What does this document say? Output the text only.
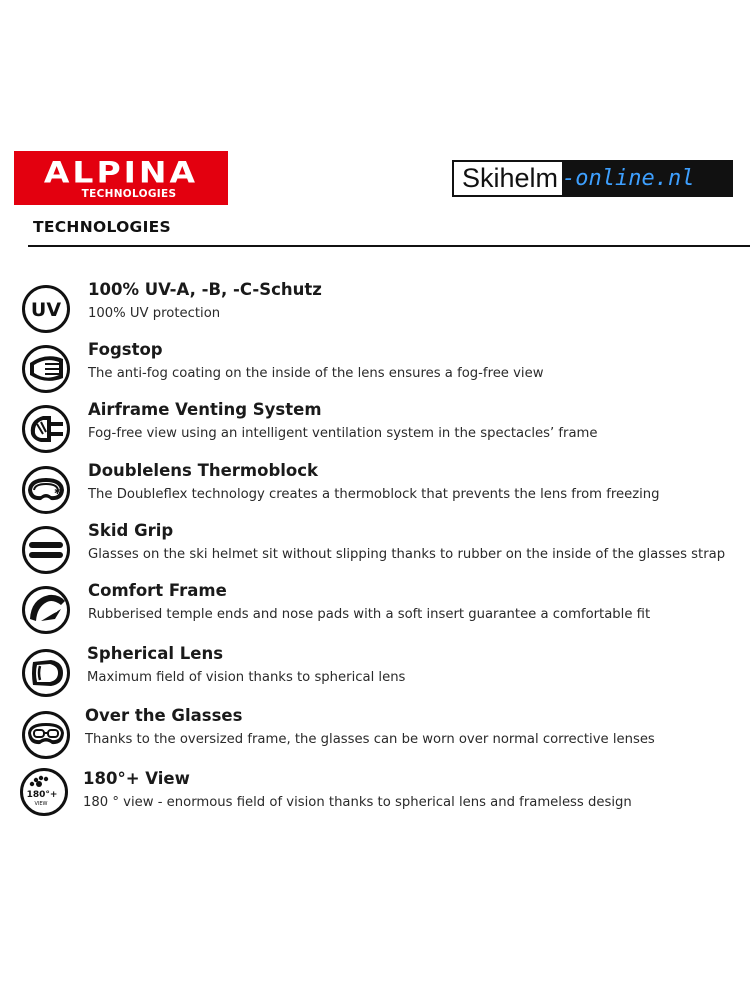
ALPINA
TECHNOLOGIES
Skihelm -online.nl
TECHNOLOGIES
UV
100% UV-A, -B, -C-Schutz
100% UV protection
Fogstop
The anti-fog coating on the inside of the lens ensures a fog-free view
Airframe Venting System
Fog-free view using an intelligent ventilation system in the spectacles’ frame
✱
Doublelens Thermoblock
The Doubleflex technology creates a thermoblock that prevents the lens from freezing
Skid Grip
Glasses on the ski helmet sit without slipping thanks to rubber on the inside of the glasses strap
Comfort Frame
Rubberised temple ends and nose pads with a soft insert guarantee a comfortable fit
Spherical Lens
Maximum field of vision thanks to spherical lens
Over the Glasses
Thanks to the oversized frame, the glasses can be worn over normal corrective lenses
180°+
VIEW
180°+ View
180 ° view - enormous field of vision thanks to spherical lens and frameless design
